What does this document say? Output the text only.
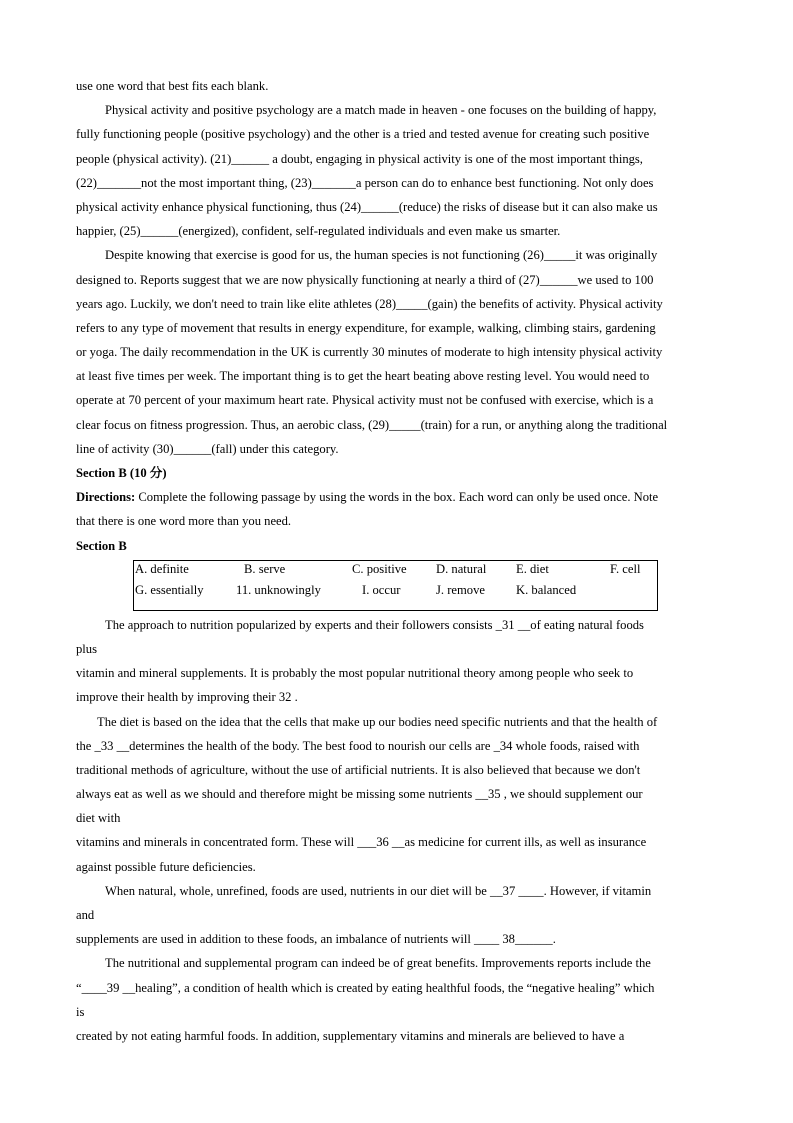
use one word that best fits each blank.
Physical activity and positive psychology are a match made in heaven - one focuses on the building of happy,
fully functioning people (positive psychology) and the other is a tried and tested avenue for creating such positive
people (physical activity). (21)______ a doubt, engaging in physical activity is one of the most important things,
(22)_______not the most important thing, (23)_______a person can do to enhance best functioning. Not only does
physical activity enhance physical functioning, thus (24)______(reduce) the risks of disease but it can also make us
happier, (25)______(energized), confident, self-regulated individuals and even make us smarter.
Despite knowing that exercise is good for us, the human species is not functioning (26)_____it was originally
designed to. Reports suggest that we are now physically functioning at nearly a third of (27)______we used to 100
years ago. Luckily, we don't need to train like elite athletes (28)_____(gain) the benefits of activity. Physical activity
refers to any type of movement that results in energy expenditure, for example, walking, climbing stairs, gardening
or yoga. The daily recommendation in the UK is currently 30 minutes of moderate to high intensity physical activity
at least five times per week. The important thing is to get the heart beating above resting level. You would need to
operate at 70 percent of your maximum heart rate. Physical activity must not be confused with exercise, which is a
clear focus on fitness progression. Thus, an aerobic class, (29)_____(train) for a run, or anything along the traditional
line of activity (30)______(fall) under this category.
Section B (10 分)
Directions: Complete the following passage by using the words in the box. Each word can only be used once. Note
that there is one word more than you need.
Section B
A. definite	B. serve	C. positive D. natural E. diet	F. cell
G. essentially	11. unknowingly	I. occur	J. remove K. balanced
The approach to nutrition popularized by experts and their followers consists _31 __of eating natural foods
plus
vitamin and mineral supplements. It is probably the most popular nutritional theory among people who seek to
improve their health by improving their 32 .
The diet is based on the idea that the cells that make up our bodies need specific nutrients and that the health of
the _33 __determines the health of the body. The best food to nourish our cells are _34 whole foods, raised with
traditional methods of agriculture, without the use of artificial nutrients. It is also believed that because we don't
always eat as well as we should and therefore might be missing some nutrients __35 , we should supplement our
diet with
vitamins and minerals in concentrated form. These will ___36 __as medicine for current ills, as well as insurance
against possible future deficiencies.
When natural, whole, unrefined, foods are used, nutrients in our diet will be __37 ____. However, if vitamin
and
supplements are used in addition to these foods, an imbalance of nutrients will ____ 38______.
The nutritional and supplemental program can indeed be of great benefits. Improvements reports include the
“____39 __healing”, a condition of health which is created by eating healthful foods, the “negative healing” which
is
created by not eating harmful foods. In addition, supplementary vitamins and minerals are believed to have a
